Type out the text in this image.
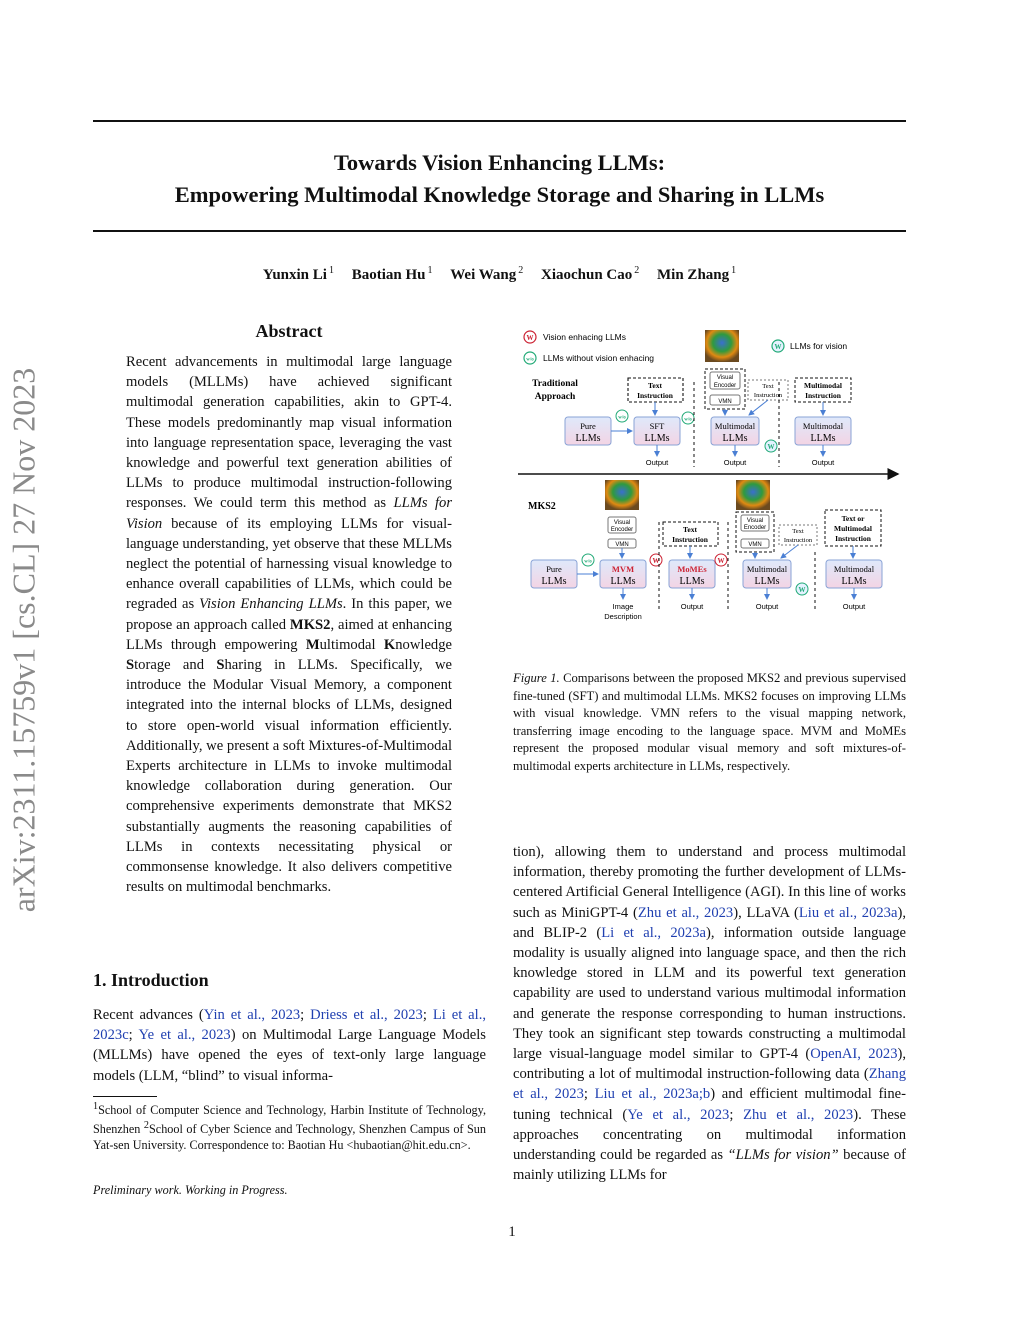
Towards Vision Enhancing LLMs:
Empowering Multimodal Knowledge Storage and Sharing in LLMs
Yunxin Li $^1$ Baotian Hu $^1$ Wei Wang $^2$ Xiaochun Cao $^2$ Min Zhang $^1$
arXiv:2311.15759v1 [cs.CL] 27 Nov 2023
Abstract
Recent advancements in multimodal large language models (MLLMs) have achieved significant multimodal generation capabilities, akin to GPT-4. These models predominantly map visual information into language representation space, leveraging the vast knowledge and powerful text generation abilities of LLMs to produce multimodal instruction-following responses. We could term this method as LLMs for Vision because of its employing LLMs for visual-language understanding, yet observe that these MLLMs neglect the potential of harnessing visual knowledge to enhance overall capabilities of LLMs, which could be regraded as Vision Enhancing LLMs. In this paper, we propose an approach called MKS2, aimed at enhancing LLMs through empowering Multimodal Knowledge Storage and Sharing in LLMs. Specifically, we introduce the Modular Visual Memory, a component integrated into the internal blocks of LLMs, designed to store open-world visual information efficiently. Additionally, we present a soft Mixtures-of-Multimodal Experts architecture in LLMs to invoke multimodal knowledge collaboration during generation. Our comprehensive experiments demonstrate that MKS2 substantially augments the reasoning capabilities of LLMs in contexts necessitating physical or commonsense knowledge. It also delivers competitive results on multimodal benchmarks.
1. Introduction
Recent advances (Yin et al., 2023; Driess et al., 2023; Li et al., 2023c; Ye et al., 2023) on Multimodal Large Language Models (MLLMs) have opened the eyes of text-only large language models (LLM, “blind” to visual informa-
$^1$School of Computer Science and Technology, Harbin Institute of Technology, Shenzhen $^2$School of Cyber Science and Technology, Shenzhen Campus of Sun Yat-sen University. Correspondence to: Baotian Hu <hubaotian@hit.edu.cn>.
Preliminary work. Working in Progress.
W Vision enhacing LLMs
w/o LLMs without vision enhacing
W LLMs for vision
Traditional
Approach
Text
Instruction
Visual
Encoder
VMN
Text
Instruction
Multimodal
Instruction
Pure
LLMs
SFT
LLMs
Multimodal
LLMs
Multimodal
LLMs
w/o	w/o
W
Output	Output	Output
MKS2
Visual
Encoder
VMN
Text
Instruction
Visual
Encoder
VMN
Text
Instruction
Text or
Multimodal
Instruction
Pure
LLMs
MVM
LLMs
MoMEs
LLMs
Multimodal
LLMs
Multimodal
LLMs
w/o	W	W
W
Image
Description
Output	Output	Output
Figure 1. Comparisons between the proposed MKS2 and previous supervised fine-tuned (SFT) and multimodal LLMs. MKS2 focuses on improving LLMs with visual knowledge. VMN refers to the visual mapping network, transferring image encoding to the language space. MVM and MoMEs represent the proposed modular visual memory and soft mixtures-of-multimodal experts architecture in LLMs, respectively.
tion), allowing them to understand and process multimodal information, thereby promoting the further development of LLMs-centered Artificial General Intelligence (AGI). In this line of works such as MiniGPT-4 (Zhu et al., 2023), LLaVA (Liu et al., 2023a), and BLIP-2 (Li et al., 2023a), information outside language modality is usually aligned into language space, and then the rich knowledge stored in LLM and its powerful text generation capability are used to understand various multimodal information and generate the response corresponding to human instructions. They took an significant step towards constructing a multimodal large visual-language model similar to GPT-4 (OpenAI, 2023), contributing a lot of multimodal instruction-following data (Zhang et al., 2023; Liu et al., 2023a;b) and efficient multimodal fine-tuning technical (Ye et al., 2023; Zhu et al., 2023). These approaches concentrating on multimodal information understanding could be regarded as “LLMs for vision” because of mainly utilizing LLMs for
1
